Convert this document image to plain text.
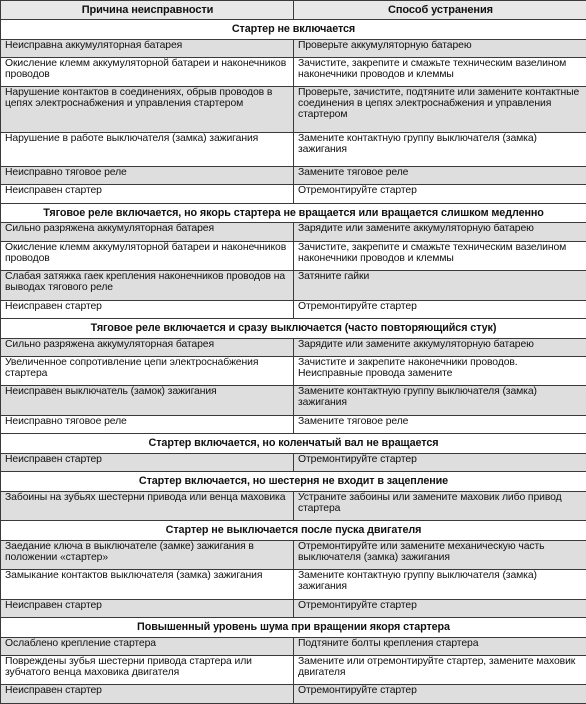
Причина неисправности	Способ устранения
Стартер не включается	
Неисправна аккумуляторная батарея	Проверьте аккумуляторную батарею
Окисление клемм аккумуляторной батареи и наконечников проводов	Зачистите, закрепите и смажьте техническим вазелином наконечники проводов и клеммы
Нарушение контактов в соединениях, обрыв проводов в цепях электроснабжения и управления стартером	Проверьте, зачистите, подтяните или замените контактные соединения в цепях электроснабжения и управления стартером
Нарушение в работе выключателя (замка) зажигания	Замените контактную группу выключателя (замка) зажигания
Неисправно тяговое реле	Замените тяговое реле
Неисправен стартер	Отремонтируйте стартер
Тяговое реле включается, но якорь стартера не вращается или вращается слишком медленно	
Сильно разряжена аккумуляторная батарея	Зарядите или замените аккумуляторную батарею
Окисление клемм аккумуляторной батареи и наконечников проводов	Зачистите, закрепите и смажьте техническим вазелином наконечники проводов и клеммы
Слабая затяжка гаек крепления наконечников проводов на выводах тягового реле	Затяните гайки
Неисправен стартер	Отремонтируйте стартер
Тяговое реле включается и сразу выключается (часто повторяющийся стук)	
Сильно разряжена аккумуляторная батарея	Зарядите или замените аккумуляторную батарею
Увеличенное сопротивление цепи электроснабжения стартера	Зачистите и закрепите наконечники проводов. Неисправные провода замените
Неисправен выключатель (замок) зажигания	Замените контактную группу выключателя (замка) зажигания
Неисправно тяговое реле	Замените тяговое реле
Стартер включается, но коленчатый вал не вращается	
Неисправен стартер	Отремонтируйте стартер
Стартер включается, но шестерня не входит в зацепление	
Забоины на зубьях шестерни привода или венца маховика	Устраните забоины или замените маховик либо привод стартера
Стартер не выключается после пуска двигателя	
Заедание ключа в выключателе (замке) зажигания в положении «стартер»	Отремонтируйте или замените механическую часть выключателя (замка) зажигания
Замыкание контактов выключателя (замка) зажигания	Замените контактную группу выключателя (замка) зажигания
Неисправен стартер	Отремонтируйте стартер
Повышенный уровень шума при вращении якоря стартера	
Ослаблено крепление стартера	Подтяните болты крепления стартера
Повреждены зубья шестерни привода стартера или зубчатого венца маховика двигателя	Замените или отремонтируйте стартер, замените маховик двигателя
Неисправен стартер	Отремонтируйте стартер
